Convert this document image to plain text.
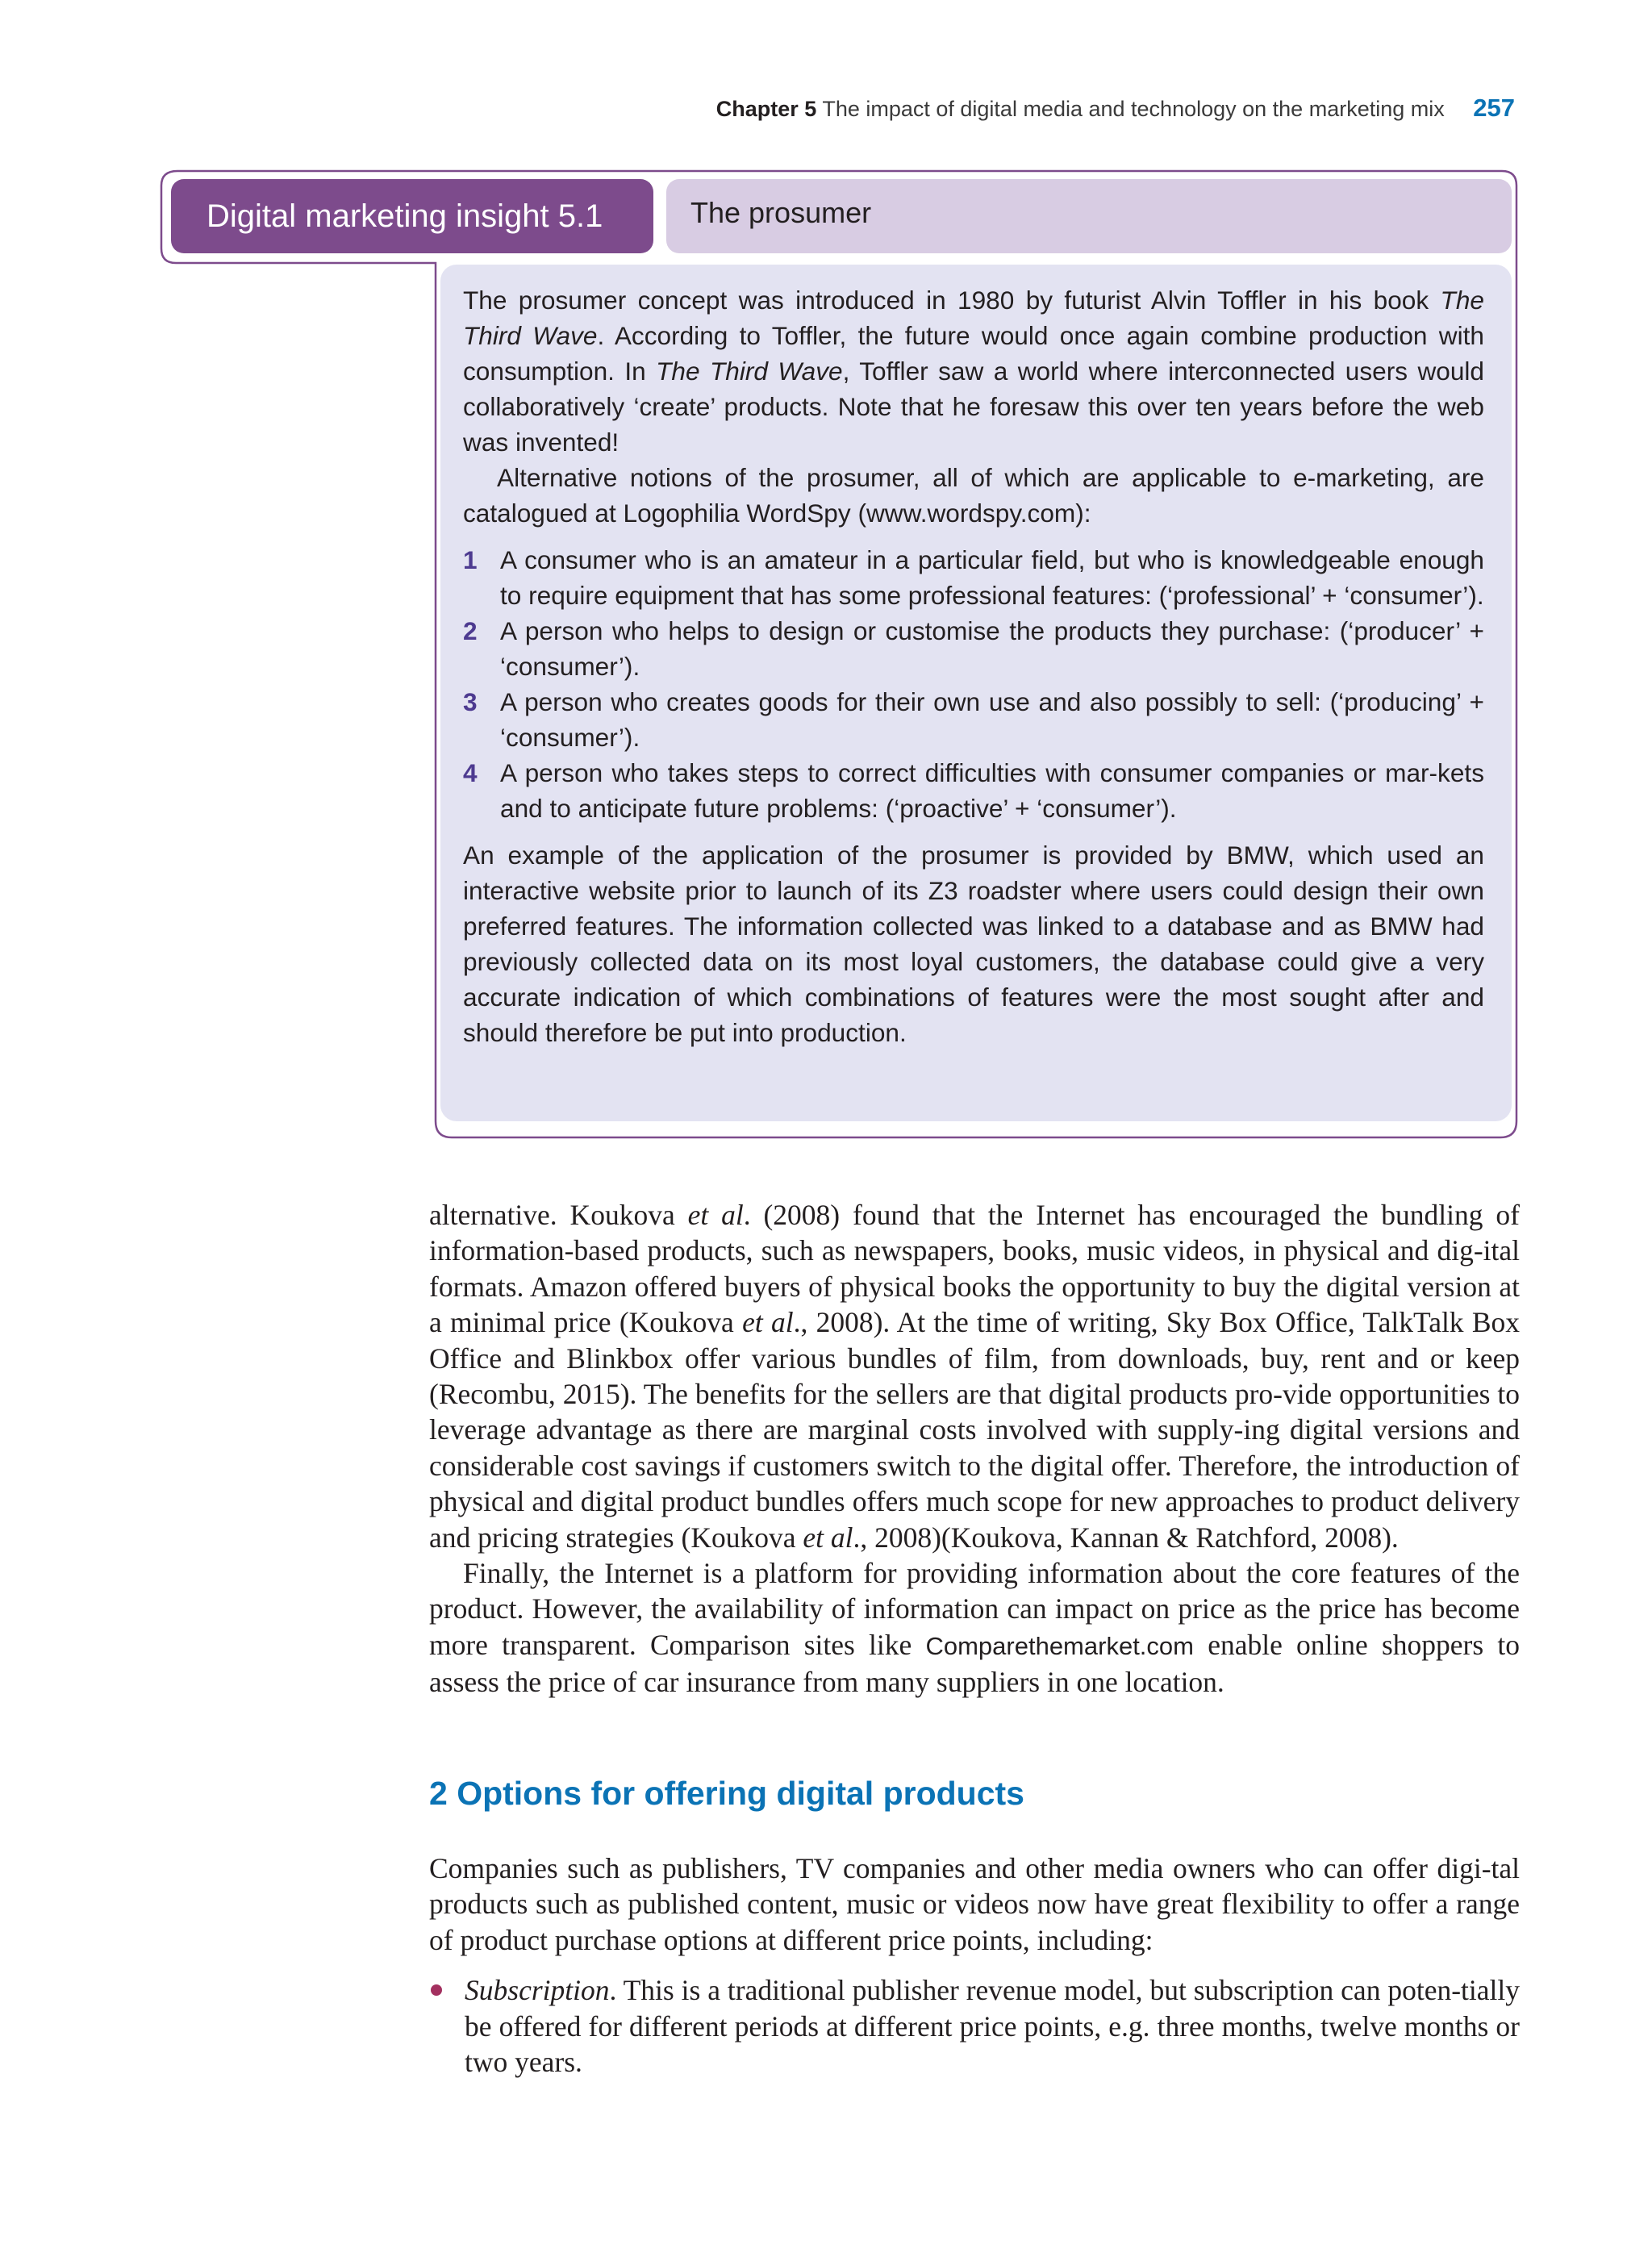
Chapter 5 The impact of digital media and technology on the marketing mix 257
Digital marketing insight 5.1	The prosumer

The prosumer concept was introduced in 1980 by futurist Alvin Toffler in his book The Third Wave. According to Toffler, the future would once again combine production with consumption. In The Third Wave, Toffler saw a world where interconnected users would collaboratively ‘create’ products. Note that he foresaw this over ten years before the web was invented!

Alternative notions of the prosumer, all of which are applicable to e-marketing, are catalogued at Logophilia WordSpy (www.wordspy.com):

1 A consumer who is an amateur in a particular field, but who is knowledgeable enough to require equipment that has some professional features: (‘professional’ + ‘consumer’).
2 A person who helps to design or customise the products they purchase: (‘producer’ + ‘consumer’).
3 A person who creates goods for their own use and also possibly to sell: (‘producing’ + ‘consumer’).
4 A person who takes steps to correct difficulties with consumer companies or mar-kets and to anticipate future problems: (‘proactive’ + ‘consumer’).

An example of the application of the prosumer is provided by BMW, which used an interactive website prior to launch of its Z3 roadster where users could design their own preferred features. The information collected was linked to a database and as BMW had previously collected data on its most loyal customers, the database could give a very accurate indication of which combinations of features were the most sought after and should therefore be put into production.

alternative. Koukova et al. (2008) found that the Internet has encouraged the bundling of information-based products, such as newspapers, books, music videos, in physical and dig-ital formats. Amazon offered buyers of physical books the opportunity to buy the digital version at a minimal price (Koukova et al., 2008). At the time of writing, Sky Box Office, TalkTalk Box Office and Blinkbox offer various bundles of film, from downloads, buy, rent and or keep (Recombu, 2015). The benefits for the sellers are that digital products pro-vide opportunities to leverage advantage as there are marginal costs involved with supply-ing digital versions and considerable cost savings if customers switch to the digital offer. Therefore, the introduction of physical and digital product bundles offers much scope for new approaches to product delivery and pricing strategies (Koukova et al., 2008)(Koukova, Kannan & Ratchford, 2008).

Finally, the Internet is a platform for providing information about the core features of the product. However, the availability of information can impact on price as the price has become more transparent. Comparison sites like Comparethemarket.com enable online shoppers to assess the price of car insurance from many suppliers in one location.

2 Options for offering digital products

Companies such as publishers, TV companies and other media owners who can offer digi-tal products such as published content, music or videos now have great flexibility to offer a range of product purchase options at different price points, including:

Subscription. This is a traditional publisher revenue model, but subscription can poten-tially be offered for different periods at different price points, e.g. three months, twelve months or two years.
